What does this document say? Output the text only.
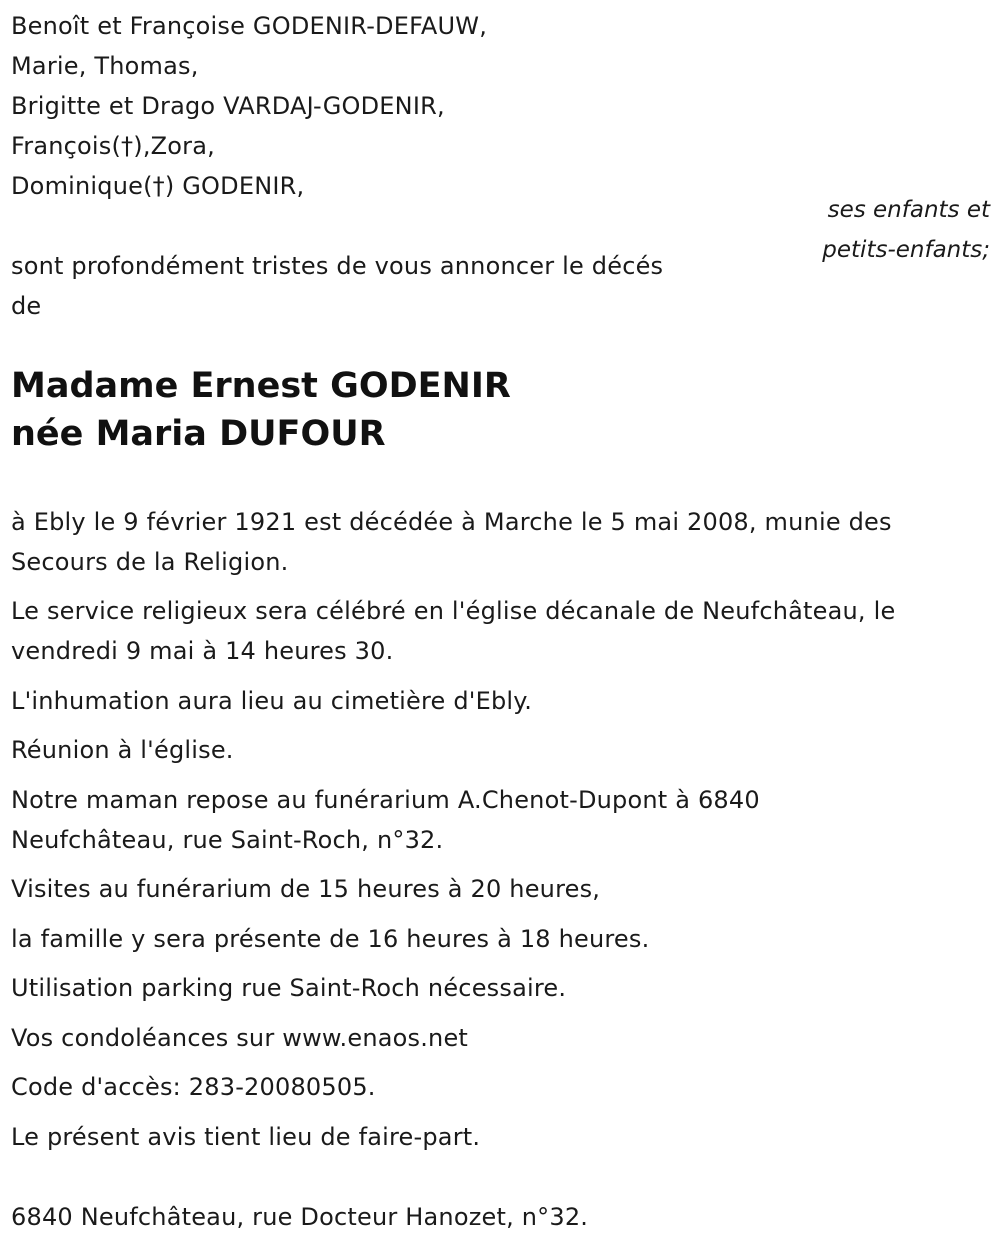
Benoît et Françoise GODENIR-DEFAUW,
Marie, Thomas,
Brigitte et Drago VARDAJ-GODENIR,
François(†),Zora,
Dominique(†) GODENIR,
ses enfants et
petits-enfants;
sont profondément tristes de vous annoncer le décés
de
Madame Ernest GODENIR
née Maria DUFOUR
à Ebly le 9 février 1921 est décédée à Marche le 5 mai 2008, munie des
Secours de la Religion.
Le service religieux sera célébré en l'église décanale de Neufchâteau, le
vendredi 9 mai à 14 heures 30.
L'inhumation aura lieu au cimetière d'Ebly.
Réunion à l'église.
Notre maman repose au funérarium A.Chenot-Dupont à 6840
Neufchâteau, rue Saint-Roch, n°32.
Visites au funérarium de 15 heures à 20 heures,
la famille y sera présente de 16 heures à 18 heures.
Utilisation parking rue Saint-Roch nécessaire.
Vos condoléances sur www.enaos.net
Code d'accès: 283-20080505.
Le présent avis tient lieu de faire-part.
6840 Neufchâteau, rue Docteur Hanozet, n°32.
